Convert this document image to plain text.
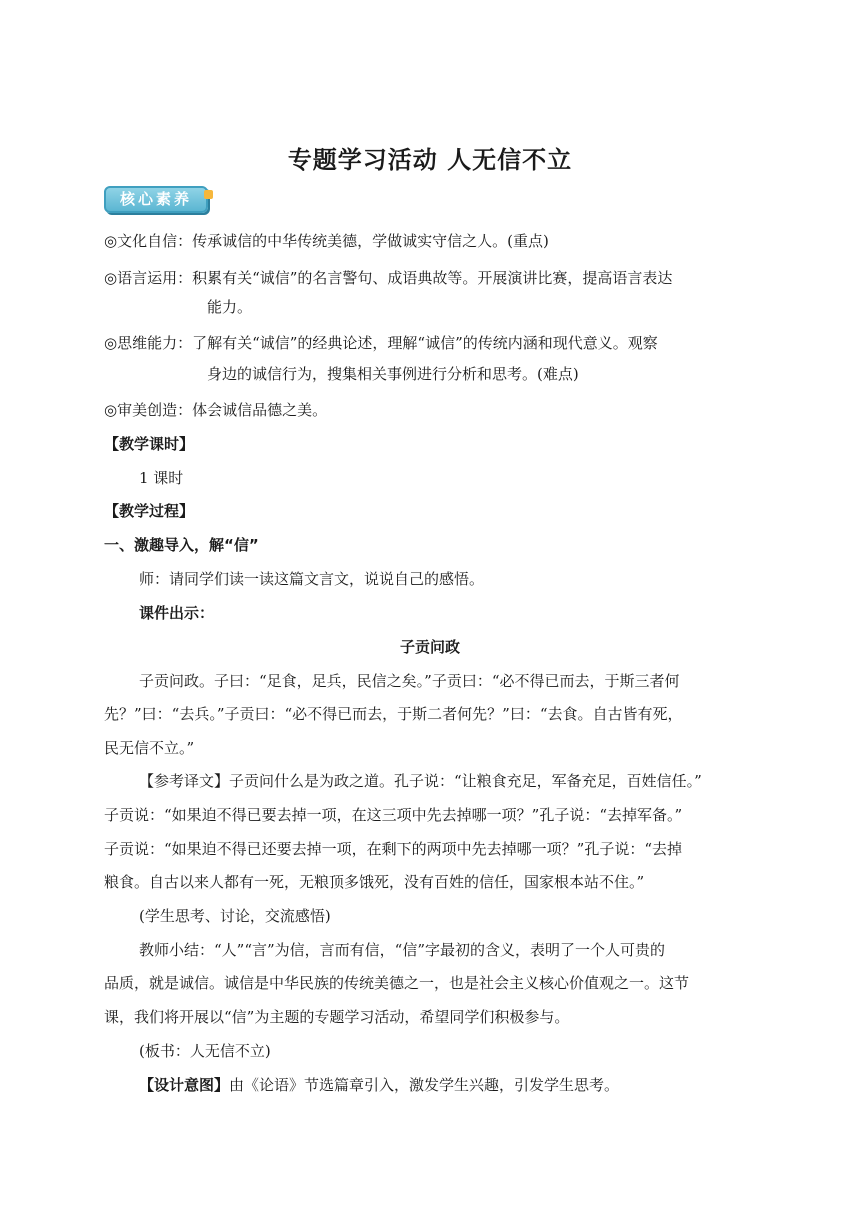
专题学习活动 人无信不立
核心素养
◎文化自信：传承诚信的中华传统美德，学做诚实守信之人。(重点)
◎语言运用：积累有关“诚信”的名言警句、成语典故等。开展演讲比赛，提高语言表达
能力。
◎思维能力：了解有关“诚信”的经典论述，理解“诚信”的传统内涵和现代意义。观察
身边的诚信行为，搜集相关事例进行分析和思考。(难点)
◎审美创造：体会诚信品德之美。
【教学课时】
1 课时
【教学过程】
一、激趣导入，解“信”
师：请同学们读一读这篇文言文，说说自己的感悟。
课件出示：
子贡问政
子贡问政。子曰：“足食，足兵，民信之矣。”子贡曰：“必不得已而去，于斯三者何
先？”曰：“去兵。”子贡曰：“必不得已而去，于斯二者何先？”曰：“去食。自古皆有死，
民无信不立。”
【参考译文】子贡问什么是为政之道。孔子说：“让粮食充足，军备充足，百姓信任。”
子贡说：“如果迫不得已要去掉一项，在这三项中先去掉哪一项？”孔子说：“去掉军备。”
子贡说：“如果迫不得已还要去掉一项，在剩下的两项中先去掉哪一项？”孔子说：“去掉
粮食。自古以来人都有一死，无粮顶多饿死，没有百姓的信任，国家根本站不住。”
(学生思考、讨论，交流感悟)
教师小结：“人”“言”为信，言而有信，“信”字最初的含义，表明了一个人可贵的
品质，就是诚信。诚信是中华民族的传统美德之一，也是社会主义核心价值观之一。这节
课，我们将开展以“信”为主题的专题学习活动，希望同学们积极参与。
(板书：人无信不立)
【设计意图】由《论语》节选篇章引入，激发学生兴趣，引发学生思考。
